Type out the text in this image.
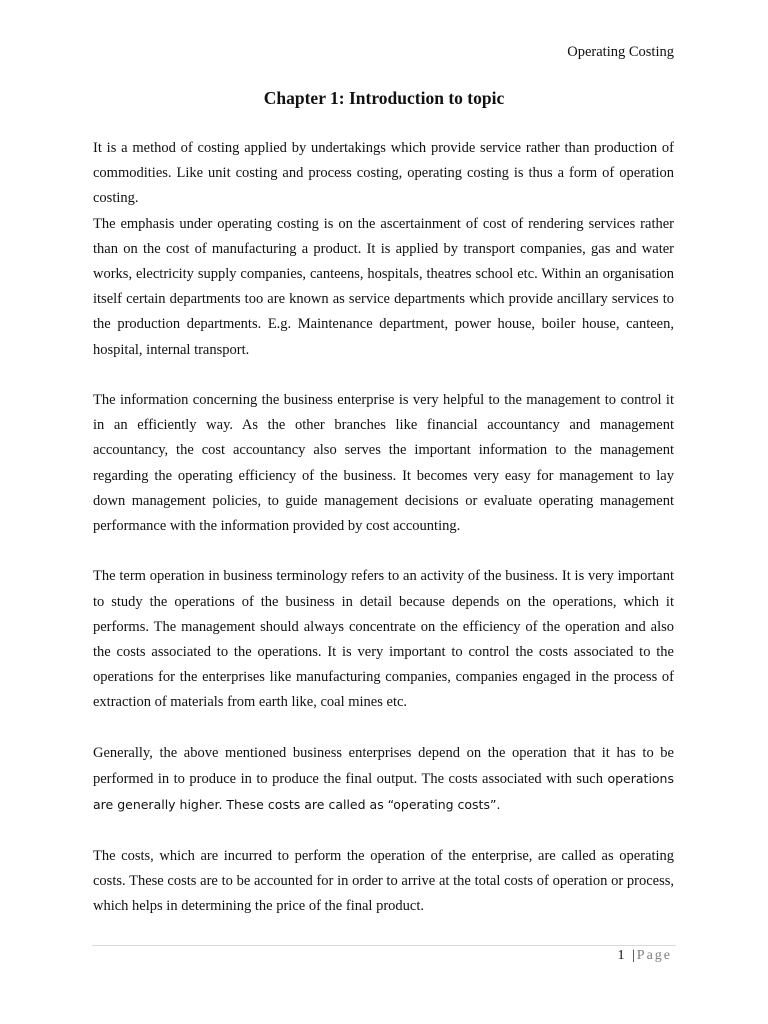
Operating Costing
Chapter 1: Introduction to topic

It is a method of costing applied by undertakings which provide service rather than production of commodities. Like unit costing and process costing, operating costing is thus a form of operation costing.

The emphasis under operating costing is on the ascertainment of cost of rendering services rather than on the cost of manufacturing a product. It is applied by transport companies, gas and water works, electricity supply companies, canteens, hospitals, theatres school etc. Within an organisation itself certain departments too are known as service departments which provide ancillary services to the production departments. E.g. Maintenance department, power house, boiler house, canteen, hospital, internal transport.

The information concerning the business enterprise is very helpful to the management to control it in an efficiently way. As the other branches like financial accountancy and management accountancy, the cost accountancy also serves the important information to the management regarding the operating efficiency of the business. It becomes very easy for management to lay down management policies, to guide management decisions or evaluate operating management performance with the information provided by cost accounting.

The term operation in business terminology refers to an activity of the business. It is very important to study the operations of the business in detail because depends on the operations, which it performs. The management should always concentrate on the efficiency of the operation and also the costs associated to the operations. It is very important to control the costs associated to the operations for the enterprises like manufacturing companies, companies engaged in the process of extraction of materials from earth like, coal mines etc.

Generally, the above mentioned business enterprises depend on the operation that it has to be performed in to produce in to produce the final output. The costs associated with such operations are generally higher. These costs are called as “operating costs”.

The costs, which are incurred to perform the operation of the enterprise, are called as operating costs. These costs are to be accounted for in order to arrive at the total costs of operation or process, which helps in determining the price of the final product.

1 |Page
